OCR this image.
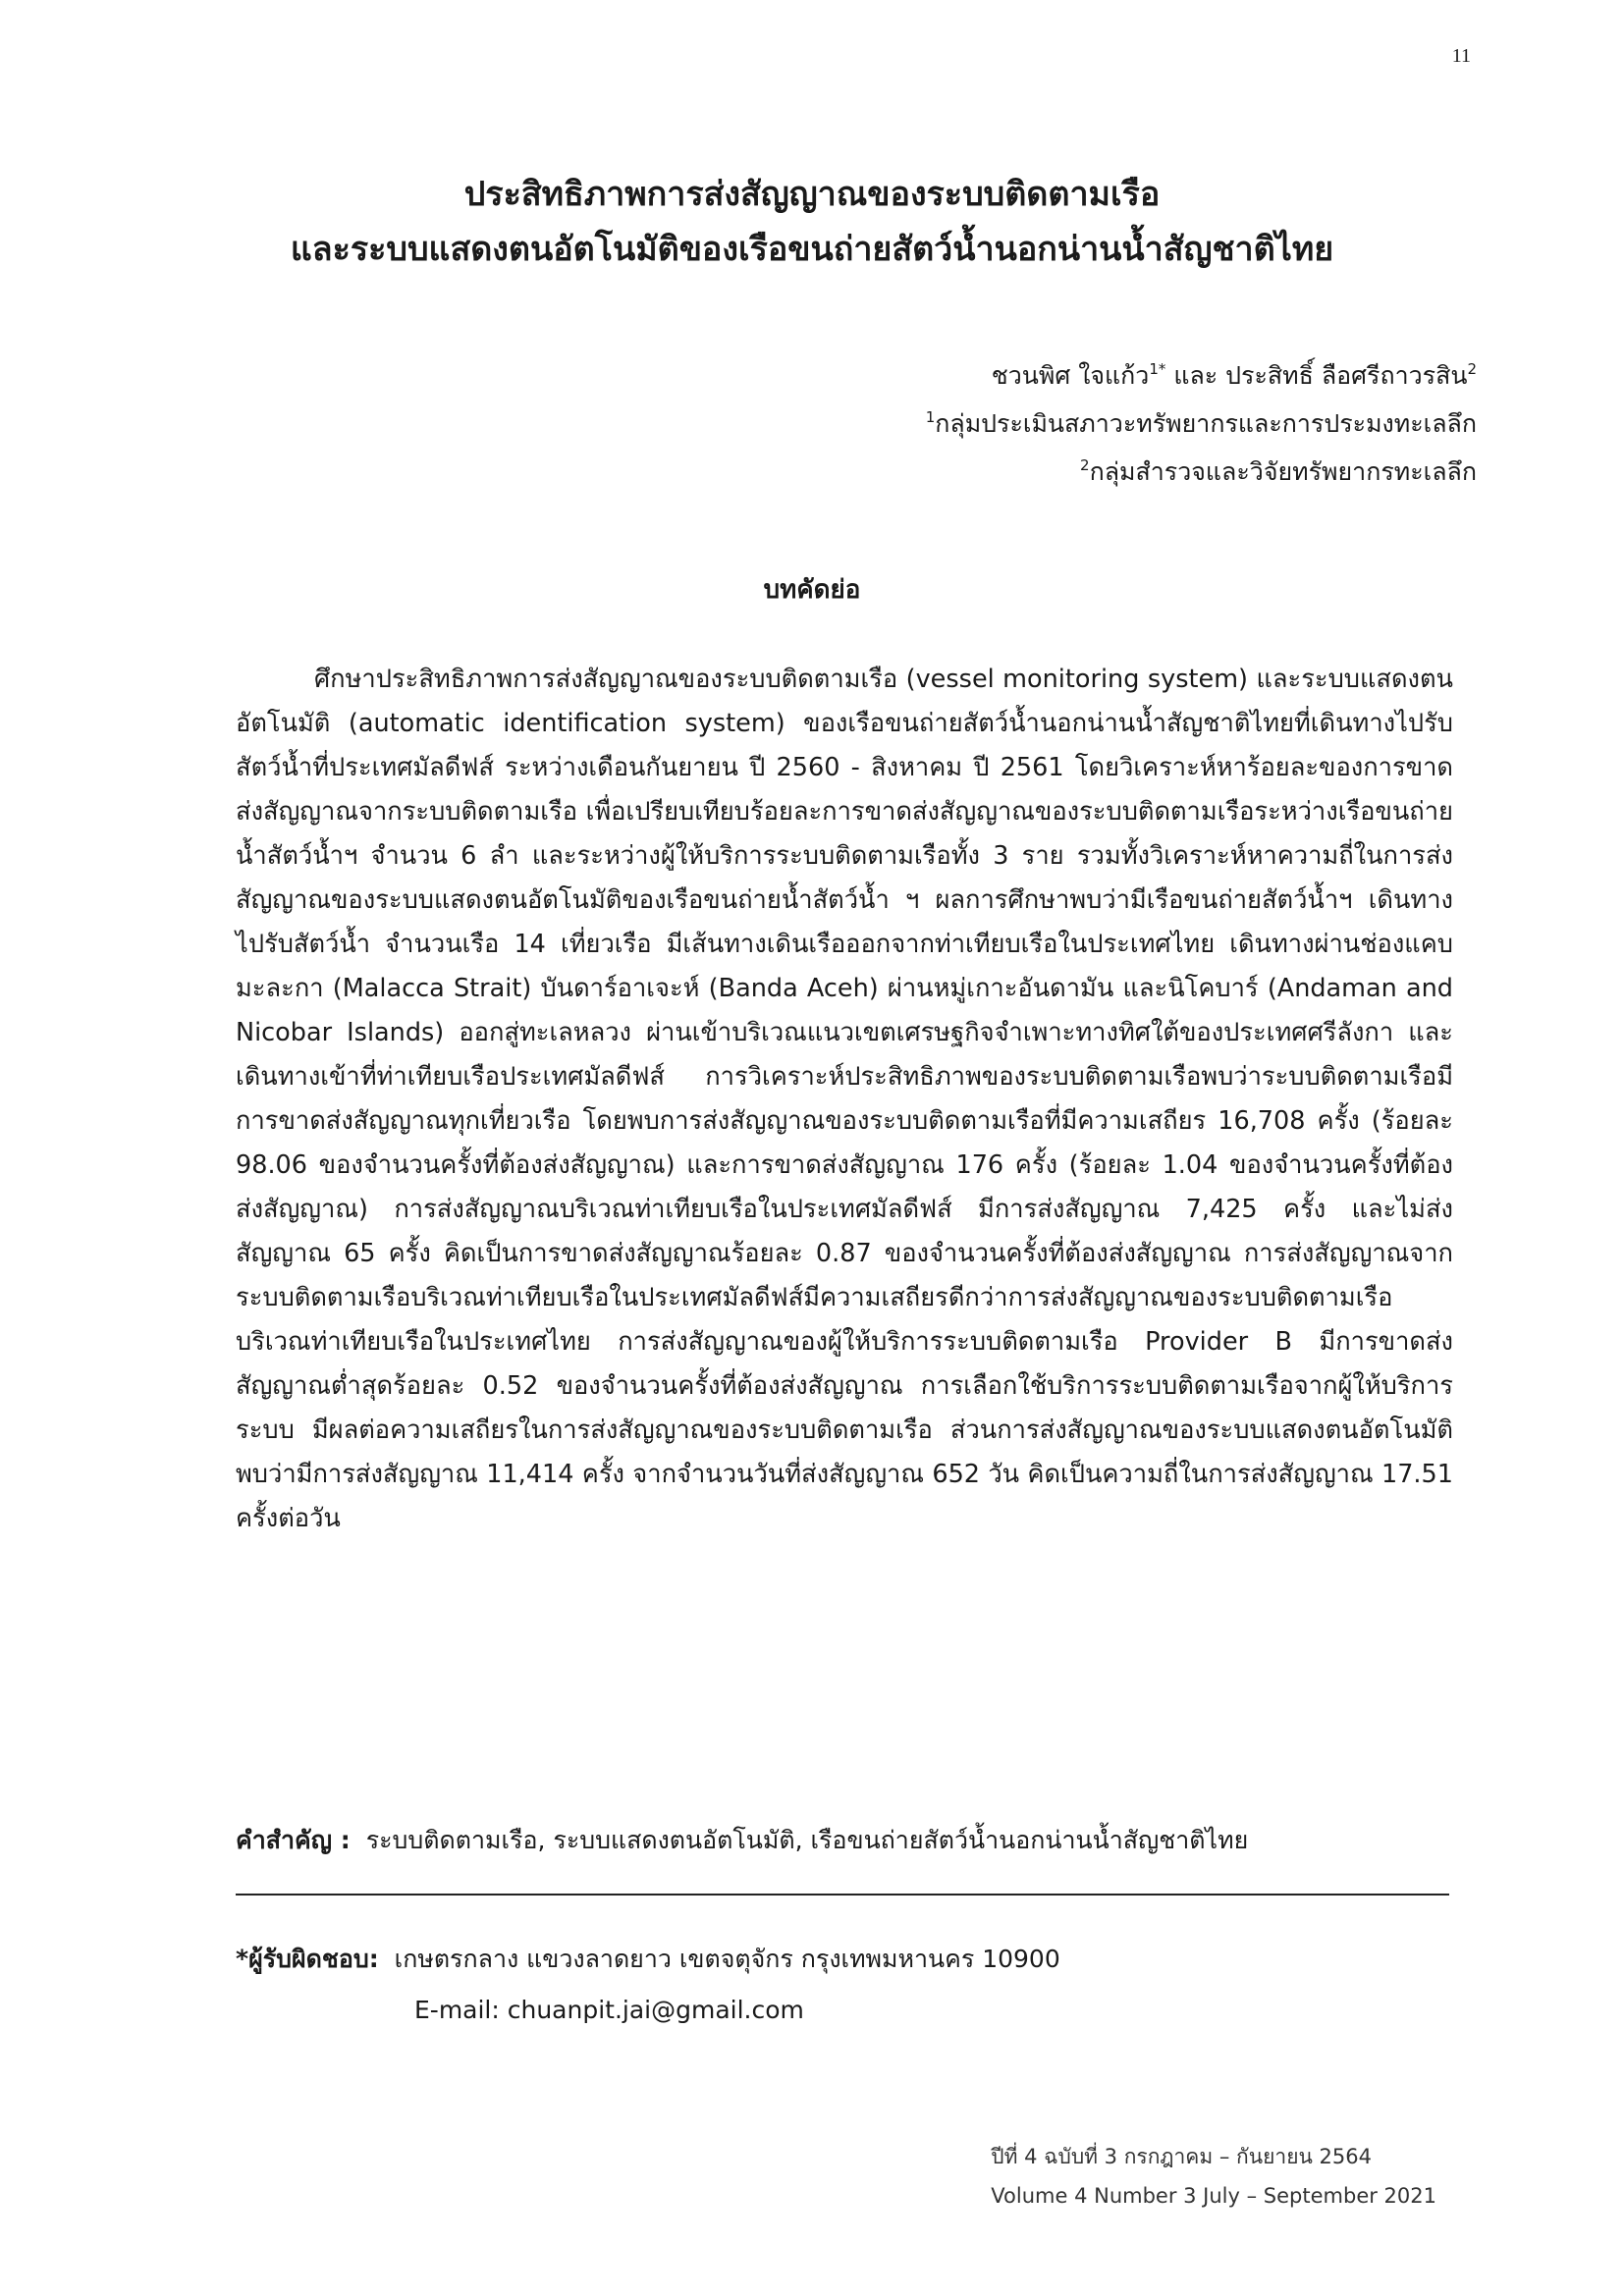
11
ประสิทธิภาพการส่งสัญญาณของระบบติดตามเรือ
และระบบแสดงตนอัตโนมัติของเรือขนถ่ายสัตว์น้ำนอกน่านน้ำสัญชาติไทย
ชวนพิศ ใจแก้ว$^{1*}$ และ ประสิทธิ์ ลือศรีถาวรสิน$^2$
$^1$กลุ่มประเมินสภาวะทรัพยากรและการประมงทะเลลึก
$^2$กลุ่มสำรวจและวิจัยทรัพยากรทะเลลึก
บทคัดย่อ

ศึกษาประสิทธิภาพการส่งสัญญาณของระบบติดตามเรือ (vessel monitoring system) และระบบแสดงตนอัตโนมัติ (automatic identification system) ของเรือขนถ่ายสัตว์น้ำนอกน่านน้ำสัญชาติไทยที่เดินทางไปรับสัตว์น้ำที่ประเทศมัลดีฟส์ ระหว่างเดือนกันยายน ปี 2560 - สิงหาคม ปี 2561 โดยวิเคราะห์หาร้อยละของการขาดส่งสัญญาณจากระบบติดตามเรือ เพื่อเปรียบเทียบร้อยละการขาดส่งสัญญาณของระบบติดตามเรือระหว่างเรือขนถ่ายน้ำสัตว์น้ำฯ จำนวน 6 ลำ และระหว่างผู้ให้บริการระบบติดตามเรือทั้ง 3 ราย รวมทั้งวิเคราะห์หาความถี่ในการส่งสัญญาณของระบบแสดงตนอัตโนมัติของเรือขนถ่ายน้ำสัตว์น้ำ ฯ ผลการศึกษาพบว่ามีเรือขนถ่ายสัตว์น้ำฯ เดินทางไปรับสัตว์น้ำ จำนวนเรือ 14 เที่ยวเรือ มีเส้นทางเดินเรือออกจากท่าเทียบเรือในประเทศไทย เดินทางผ่านช่องแคบมะละกา (Malacca Strait) บันดาร์อาเจะห์ (Banda Aceh) ผ่านหมู่เกาะอันดามัน และนิโคบาร์ (Andaman and Nicobar Islands) ออกสู่ทะเลหลวง ผ่านเข้าบริเวณแนวเขตเศรษฐกิจจำเพาะทางทิศใต้ของประเทศศรีลังกา และเดินทางเข้าที่ท่าเทียบเรือประเทศมัลดีฟส์ การวิเคราะห์ประสิทธิภาพของระบบติดตามเรือพบว่าระบบติดตามเรือมีการขาดส่งสัญญาณทุกเที่ยวเรือ โดยพบการส่งสัญญาณของระบบติดตามเรือที่มีความเสถียร 16,708 ครั้ง (ร้อยละ 98.06 ของจำนวนครั้งที่ต้องส่งสัญญาณ) และการขาดส่งสัญญาณ 176 ครั้ง (ร้อยละ 1.04 ของจำนวนครั้งที่ต้องส่งสัญญาณ) การส่งสัญญาณบริเวณท่าเทียบเรือในประเทศมัลดีฟส์ มีการส่งสัญญาณ 7,425 ครั้ง และไม่ส่งสัญญาณ 65 ครั้ง คิดเป็นการขาดส่งสัญญาณร้อยละ 0.87 ของจำนวนครั้งที่ต้องส่งสัญญาณ การส่งสัญญาณจากระบบติดตามเรือบริเวณท่าเทียบเรือในประเทศมัลดีฟส์มีความเสถียรดีกว่าการส่งสัญญาณของระบบติดตามเรือบริเวณท่าเทียบเรือในประเทศไทย การส่งสัญญาณของผู้ให้บริการระบบติดตามเรือ Provider B มีการขาดส่งสัญญาณต่ำสุดร้อยละ 0.52 ของจำนวนครั้งที่ต้องส่งสัญญาณ การเลือกใช้บริการระบบติดตามเรือจากผู้ให้บริการระบบ มีผลต่อความเสถียรในการส่งสัญญาณของระบบติดตามเรือ ส่วนการส่งสัญญาณของระบบแสดงตนอัตโนมัติ พบว่ามีการส่งสัญญาณ 11,414 ครั้ง จากจำนวนวันที่ส่งสัญญาณ 652 วัน คิดเป็นความถี่ในการส่งสัญญาณ 17.51 ครั้งต่อวัน

คำสำคัญ :  ระบบติดตามเรือ, ระบบแสดงตนอัตโนมัติ, เรือขนถ่ายสัตว์น้ำนอกน่านน้ำสัญชาติไทย
*ผู้รับผิดชอบ:  เกษตรกลาง แขวงลาดยาว เขตจตุจักร กรุงเทพมหานคร 10900
E-mail: chuanpit.jai@gmail.com
ปีที่ 4 ฉบับที่ 3 กรกฎาคม – กันยายน 2564
Volume 4 Number 3 July – September 2021
